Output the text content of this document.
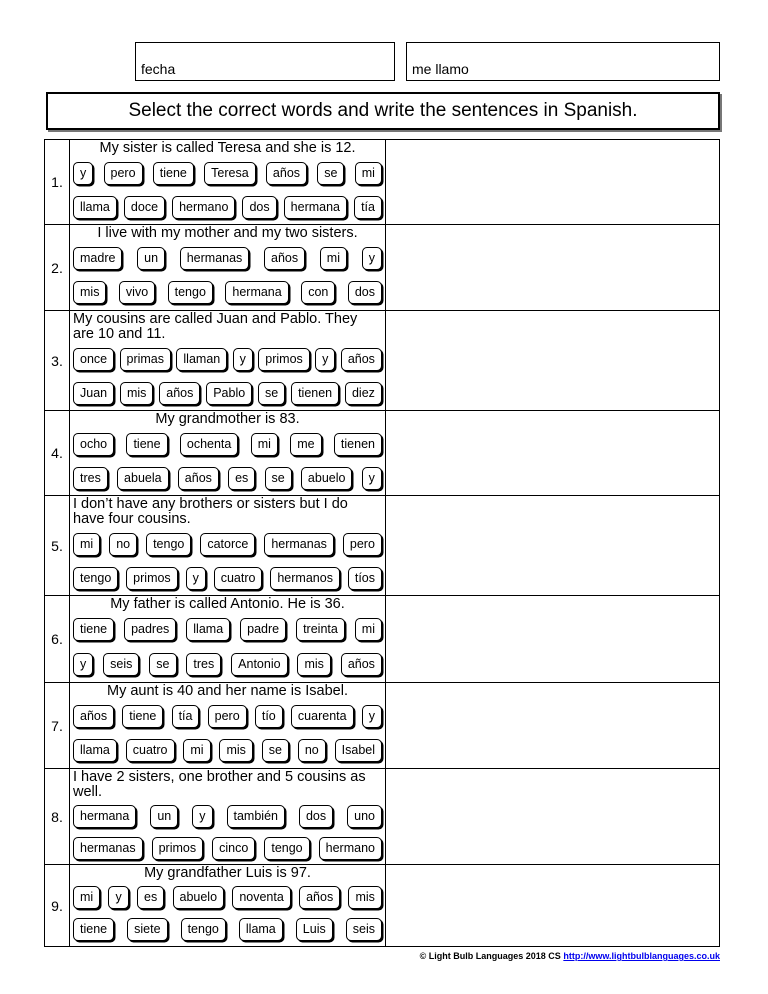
fecha	me llamo
Select the correct words and write the sentences in Spanish.
1.
My sister is called Teresa and she is 12.
y	pero	tiene	Teresa	años	se	mi
llama	doce	hermano	dos	hermana	tía
2.
I live with my mother and my two sisters.
madre	un	hermanas	años	mi	y
mis	vivo	tengo	hermana	con	dos
3.
My cousins are called Juan and Pablo. They are 10 and 11.
once	primas	llaman	y	primos	y	años
Juan	mis	años	Pablo	se	tienen	diez
4.
My grandmother is 83.
ocho	tiene	ochenta	mi	me	tienen
tres	abuela	años	es	se	abuelo	y
5.
I don’t have any brothers or sisters but I do have four cousins.
mi	no	tengo	catorce	hermanas	pero
tengo	primos	y	cuatro	hermanos	tíos
6.
My father is called Antonio. He is 36.
tiene	padres	llama	padre	treinta	mi
y	seis	se	tres	Antonio	mis	años
7.
My aunt is 40 and her name is Isabel.
años	tiene	tía	pero	tío	cuarenta	y
llama	cuatro	mi	mis	se	no	Isabel
8.
I have 2 sisters, one brother and 5 cousins as well.
hermana	un	y	también	dos	uno
hermanas	primos	cinco	tengo	hermano
9.
My grandfather Luis is 97.
mi	y	es	abuelo	noventa	años	mis
tiene	siete	tengo	llama	Luis	seis
© Light Bulb Languages 2018 CS http://www.lightbulblanguages.co.uk
